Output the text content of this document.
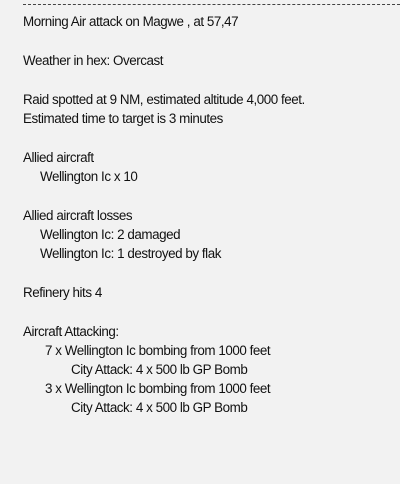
Morning Air attack on Magwe , at 57,47
Weather in hex: Overcast
Raid spotted at 9 NM, estimated altitude 4,000 feet.
Estimated time to target is 3 minutes
Allied aircraft
Wellington Ic x 10
Allied aircraft losses
Wellington Ic: 2 damaged
Wellington Ic: 1 destroyed by flak
Refinery hits 4
Aircraft Attacking:
7 x Wellington Ic bombing from 1000 feet
City Attack: 4 x 500 lb GP Bomb
3 x Wellington Ic bombing from 1000 feet
City Attack: 4 x 500 lb GP Bomb
